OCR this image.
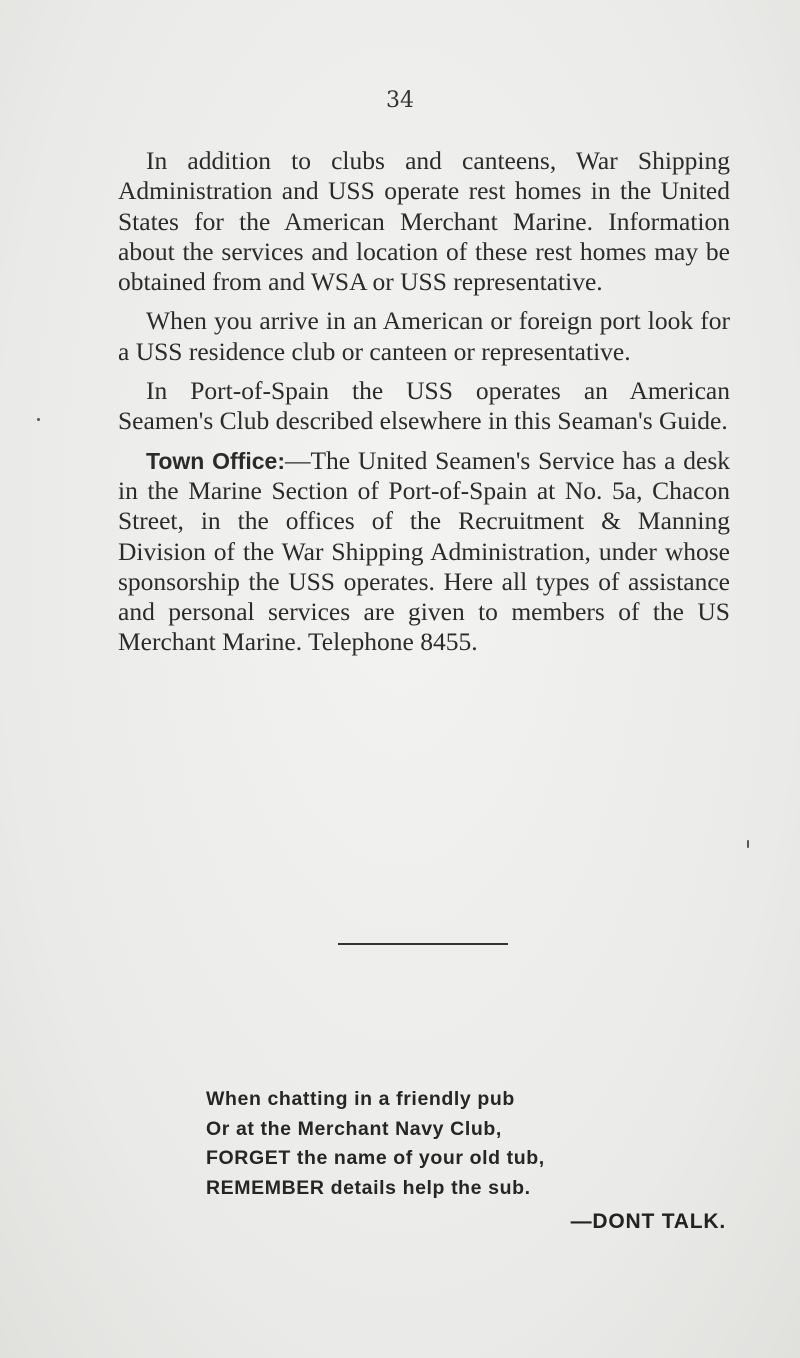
34

In addition to clubs and canteens, War Shipping Administration and USS operate rest homes in the United States for the American Merchant Marine. Information about the services and location of these rest homes may be obtained from and WSA or USS representative.

When you arrive in an American or foreign port look for a USS residence club or canteen or representative.

In Port-of-Spain the USS operates an American Seamen's Club described elsewhere in this Seaman's Guide.

Town Office:—The United Seamen's Service has a desk in the Marine Section of Port-of-Spain at No. 5a, Chacon Street, in the offices of the Recruitment & Manning Division of the War Shipping Administration, under whose sponsorship the USS operates. Here all types of assistance and personal services are given to members of the US Merchant Marine. Telephone 8455.

When chatting in a friendly pub
Or at the Merchant Navy Club,
FORGET the name of your old tub,
REMEMBER details help the sub.
—DONT TALK.
